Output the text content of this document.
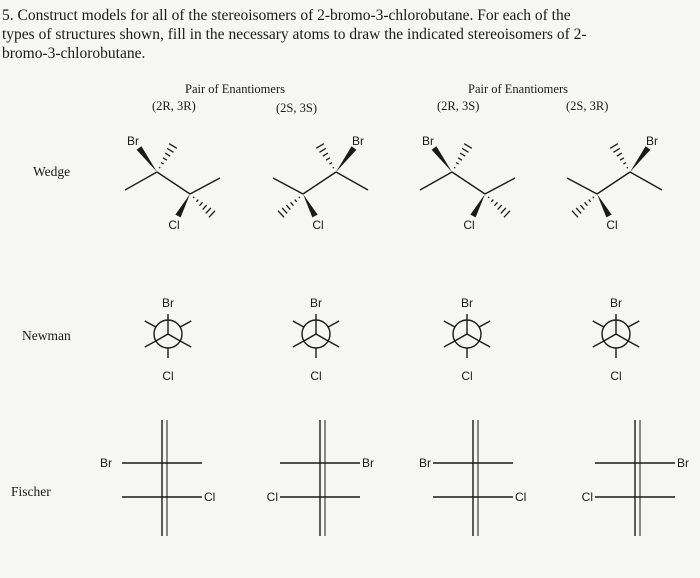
5. Construct models for all of the stereoisomers of 2-bromo-3-chlorobutane. For each of the
types of structures shown, fill in the necessary atoms to draw the indicated stereoisomers of 2-
bromo-3-chlorobutane.
Pair of Enantiomers
(2R, 3R)	(2S, 3S)
Pair of Enantiomers
(2R, 3S)	(2S, 3R)
Wedge
Newman
Fischer
Br
Cl
Br
Cl
Br
Cl
Br
Cl
Br
Cl
Br
Cl
Br
Cl
Br
Cl
Br
Cl
Br
Cl
Br
Cl
Br
Cl
